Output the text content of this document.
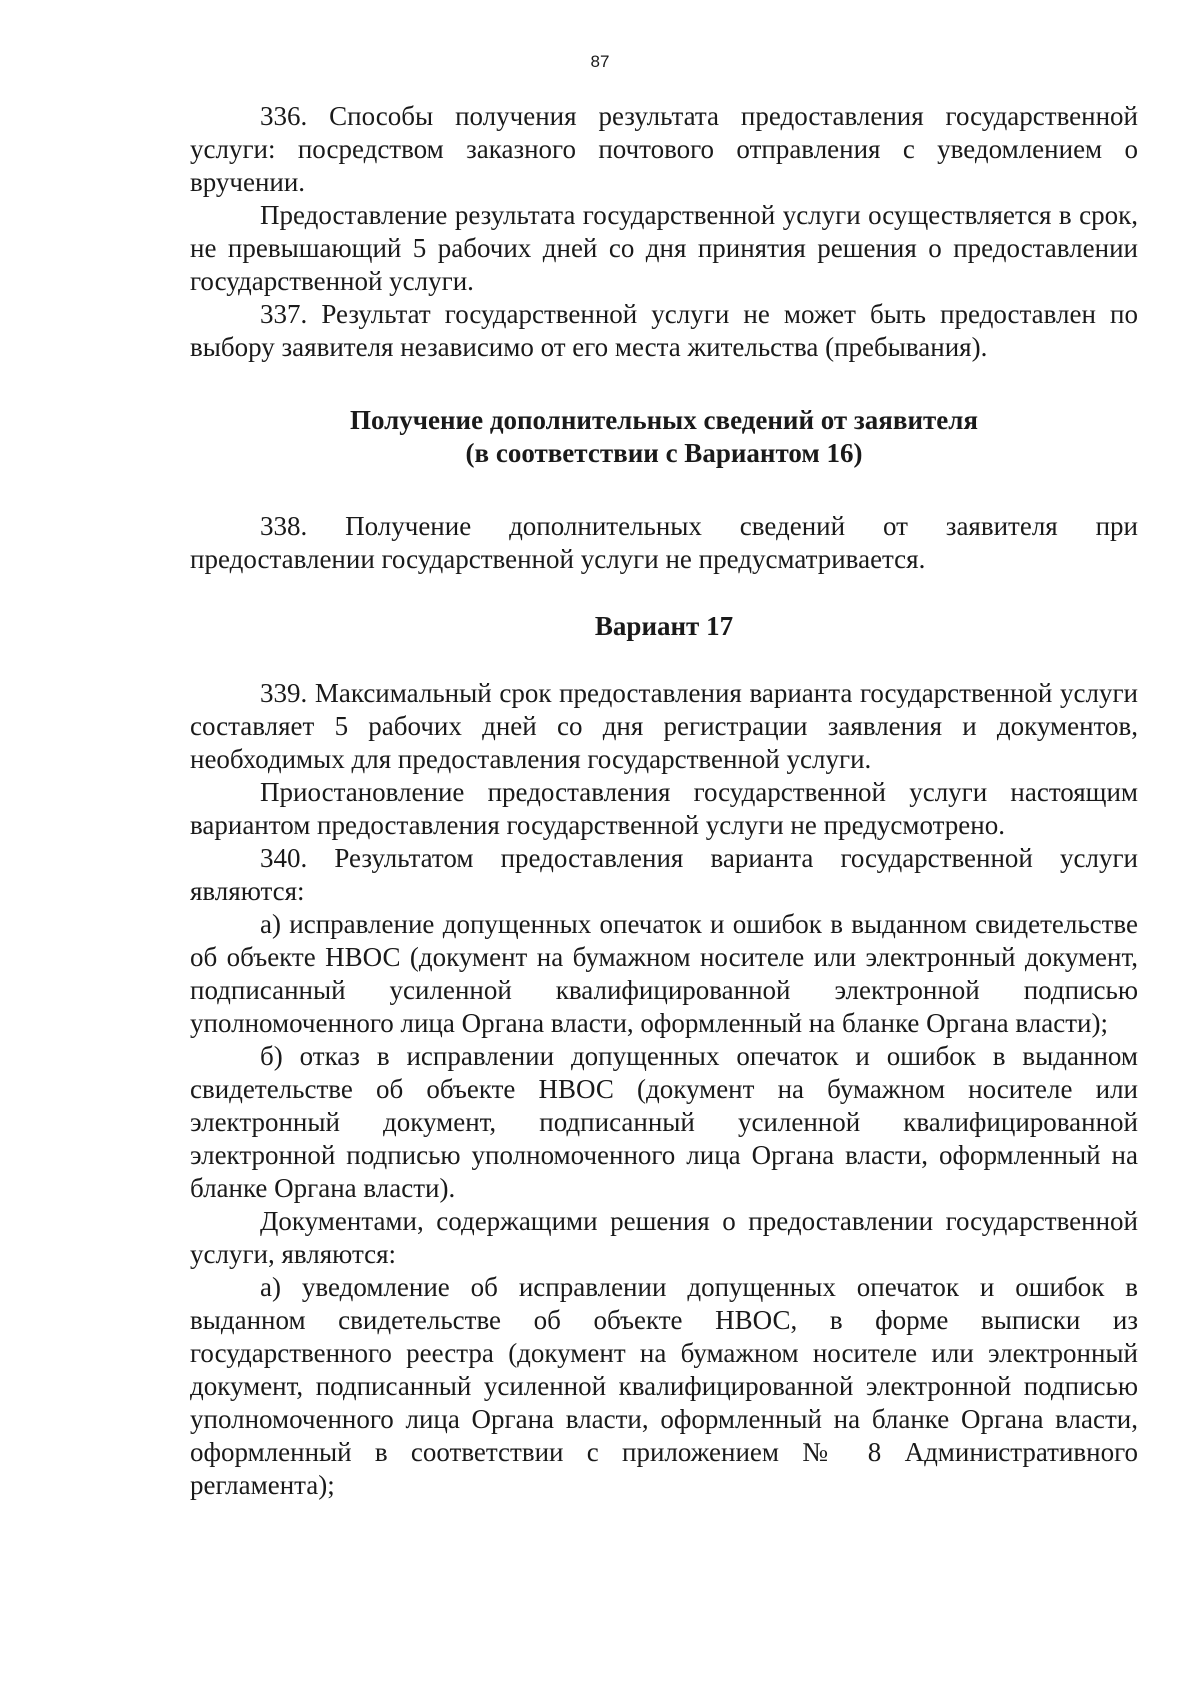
87

336. Способы получения результата предоставления государственной услуги: посредством заказного почтового отправления с уведомлением о вручении.

Предоставление результата государственной услуги осуществляется в срок, не превышающий 5 рабочих дней со дня принятия решения о предоставлении государственной услуги.

337. Результат государственной услуги не может быть предоставлен по выбору заявителя независимо от его места жительства (пребывания).

Получение дополнительных сведений от заявителя
(в соответствии с Вариантом 16)

338. Получение дополнительных сведений от заявителя при предоставлении государственной услуги не предусматривается.

Вариант 17

339. Максимальный срок предоставления варианта государственной услуги составляет 5 рабочих дней со дня регистрации заявления и документов, необходимых для предоставления государственной услуги.

Приостановление предоставления государственной услуги настоящим вариантом предоставления государственной услуги не предусмотрено.

340. Результатом предоставления варианта государственной услуги являются:

а) исправление допущенных опечаток и ошибок в выданном свидетельстве об объекте НВОС (документ на бумажном носителе или электронный документ, подписанный усиленной квалифицированной электронной подписью уполномоченного лица Органа власти, оформленный на бланке Органа власти);

б) отказ в исправлении допущенных опечаток и ошибок в выданном свидетельстве об объекте НВОС (документ на бумажном носителе или электронный документ, подписанный усиленной квалифицированной электронной подписью уполномоченного лица Органа власти, оформленный на бланке Органа власти).

Документами, содержащими решения о предоставлении государственной услуги, являются:

а) уведомление об исправлении допущенных опечаток и ошибок в выданном свидетельстве об объекте НВОС, в форме выписки из государственного реестра (документ на бумажном носителе или электронный документ, подписанный усиленной квалифицированной электронной подписью уполномоченного лица Органа власти, оформленный на бланке Органа власти, оформленный в соответствии с приложением № 8 Административного регламента);
